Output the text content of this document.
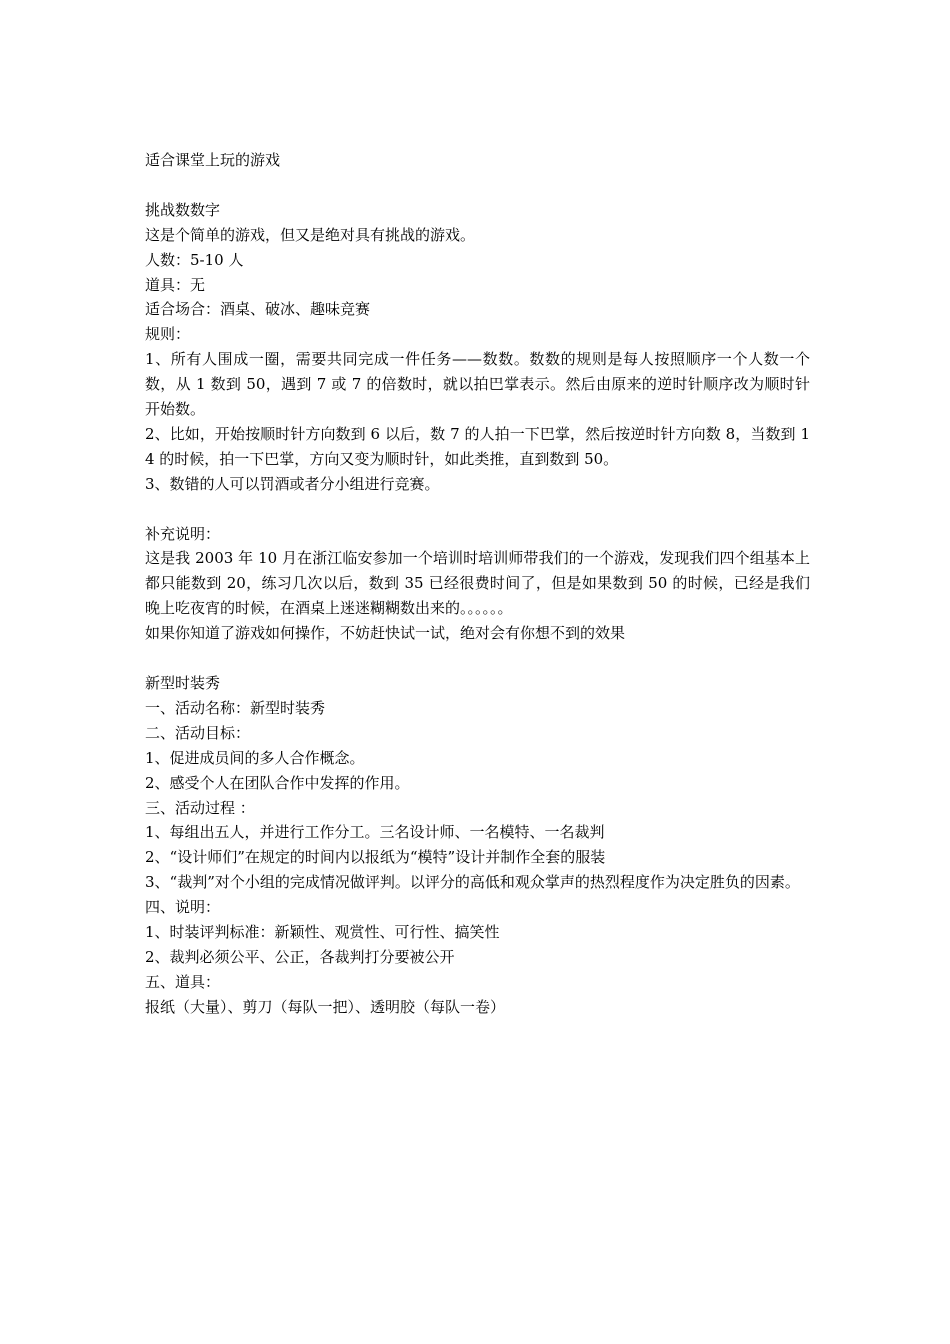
适合课堂上玩的游戏
挑战数数字
这是个简单的游戏，但又是绝对具有挑战的游戏。
人数：5-10 人
道具：无
适合场合：酒桌、破冰、趣味竞赛
规则：
1、所有人围成一圈，需要共同完成一件任务——数数。数数的规则是每人按照顺序一个人数一个数，从 1 数到 50，遇到 7 或 7 的倍数时，就以拍巴掌表示。然后由原来的逆时针顺序改为顺时针开始数。
2、比如，开始按顺时针方向数到 6 以后，数 7 的人拍一下巴掌，然后按逆时针方向数 8，当数到 14 的时候，拍一下巴掌，方向又变为顺时针，如此类推，直到数到 50。
3、数错的人可以罚酒或者分小组进行竞赛。
补充说明：
这是我 2003 年 10 月在浙江临安参加一个培训时培训师带我们的一个游戏，发现我们四个组基本上都只能数到 20，练习几次以后，数到 35 已经很费时间了，但是如果数到 50 的时候，已经是我们晚上吃夜宵的时候，在酒桌上迷迷糊糊数出来的。。。。。。
如果你知道了游戏如何操作，不妨赶快试一试，绝对会有你想不到的效果
新型时装秀
一、活动名称：新型时装秀
二、活动目标：
1、促进成员间的多人合作概念。
2、感受个人在团队合作中发挥的作用。
三、活动过程 ：
1、每组出五人，并进行工作分工。三名设计师、一名模特、一名裁判
2、“设计师们”在规定的时间内以报纸为“模特”设计并制作全套的服装
3、“裁判”对个小组的完成情况做评判。以评分的高低和观众掌声的热烈程度作为决定胜负的因素。
四、说明：
1、时装评判标准：新颖性、观赏性、可行性、搞笑性
2、裁判必须公平、公正，各裁判打分要被公开
五、道具：
报纸（大量）、剪刀（每队一把）、透明胶（每队一卷）
